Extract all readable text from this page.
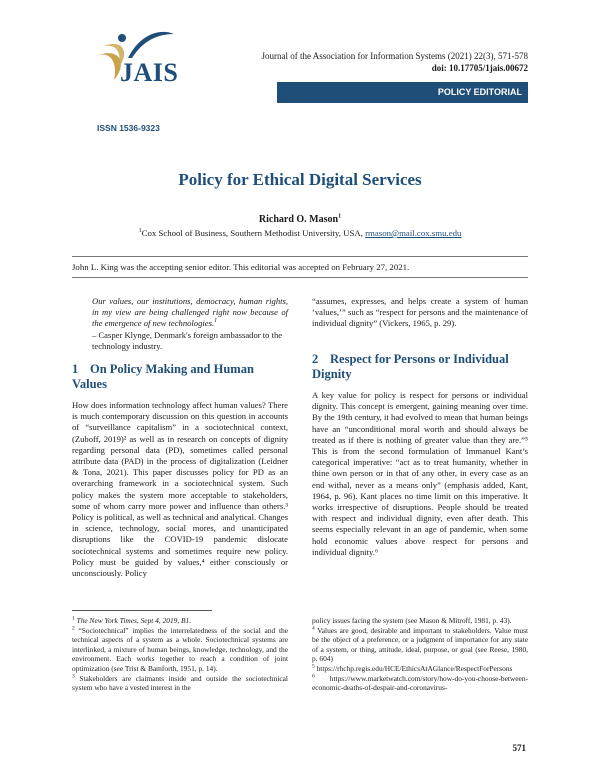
JAIS
ISSN 1536-9323
Journal of the Association for Information Systems (2021) 22(3), 571-578
doi: 10.17705/1jais.00672
POLICY EDITORIAL
Policy for Ethical Digital Services
Richard O. Mason$^1$
$^1$Cox School of Business, Southern Methodist University, USA, rmason@mail.cox.smu.edu
John L. King was the accepting senior editor. This editorial was accepted on February 27, 2021.
Our values, our institutions, democracy, human rights, in my view are being challenged right now because of the emergence of new technologies.$^1$
– Casper Klynge, Denmark's foreign ambassador to the technology industry.
1 On Policy Making and Human Values

How does information technology affect human values? There is much contemporary discussion on this question in accounts of “surveillance capitalism” in a sociotechnical context, (Zuboff, 2019)² as well as in research on concepts of dignity regarding personal data (PD), sometimes called personal attribute data (PAD) in the process of digitalization (Leidner & Tona, 2021). This paper discusses policy for PD as an overarching framework in a sociotechnical system. Such policy makes the system more acceptable to stakeholders, some of whom carry more power and influence than others.³ Policy is political, as well as technical and analytical. Changes in science, technology, social mores, and unanticipated disruptions like the COVID-19 pandemic dislocate sociotechnical systems and sometimes require new policy. Policy must be guided by values,⁴ either consciously or unconsciously. Policy

“assumes, expresses, and helps create a system of human ‘values,’” such as “respect for persons and the maintenance of individual dignity” (Vickers, 1965, p. 29).

2 Respect for Persons or Individual Dignity

A key value for policy is respect for persons or individual dignity. This concept is emergent, gaining meaning over time. By the 19th century, it had evolved to mean that human beings have an “unconditional moral worth and should always be treated as if there is nothing of greater value than they are.”⁵ This is from the second formulation of Immanuel Kant’s categorical imperative: “act as to treat humanity, whether in thine own person or in that of any other, in every case as an end withal, never as a means only” (emphasis added, Kant, 1964, p. 96). Kant places no time limit on this imperative. It works irrespective of disruptions. People should be treated with respect and individual dignity, even after death. This seems especially relevant in an age of pandemic, when some hold economic values above respect for persons and individual dignity.⁶

$^1$ The New York Times, Sept 4, 2019, B1.
$^2$ “Sociotechnical” implies the interrelatedness of the social and the technical aspects of a system as a whole. Sociotechnical systems are interlinked, a mixture of human beings, knowledge, technology, and the environment. Each works together to reach a condition of joint optimization (see Trist & Bamforth, 1951, p. 14).
$^3$ Stakeholders are claimants inside and outside the sociotechnical system who have a vested interest in the
policy issues facing the system (see Mason & Mitroff, 1981, p. 43).
$^4$ Values are good, desirable and important to stakeholders. Value must be the object of a preference, or a judgment of importance for any state of a system, or thing, attitude, ideal, purpose, or goal (see Reese, 1980, p. 604)
$^5$ https://rhchp.regis.edu/HCE/EthicsAtAGlance/RespectForPersons
$^6$ https://www.marketwatch.com/story/how-do-you-choose-between-economic-deaths-of-despair-and-coronavirus-
571
